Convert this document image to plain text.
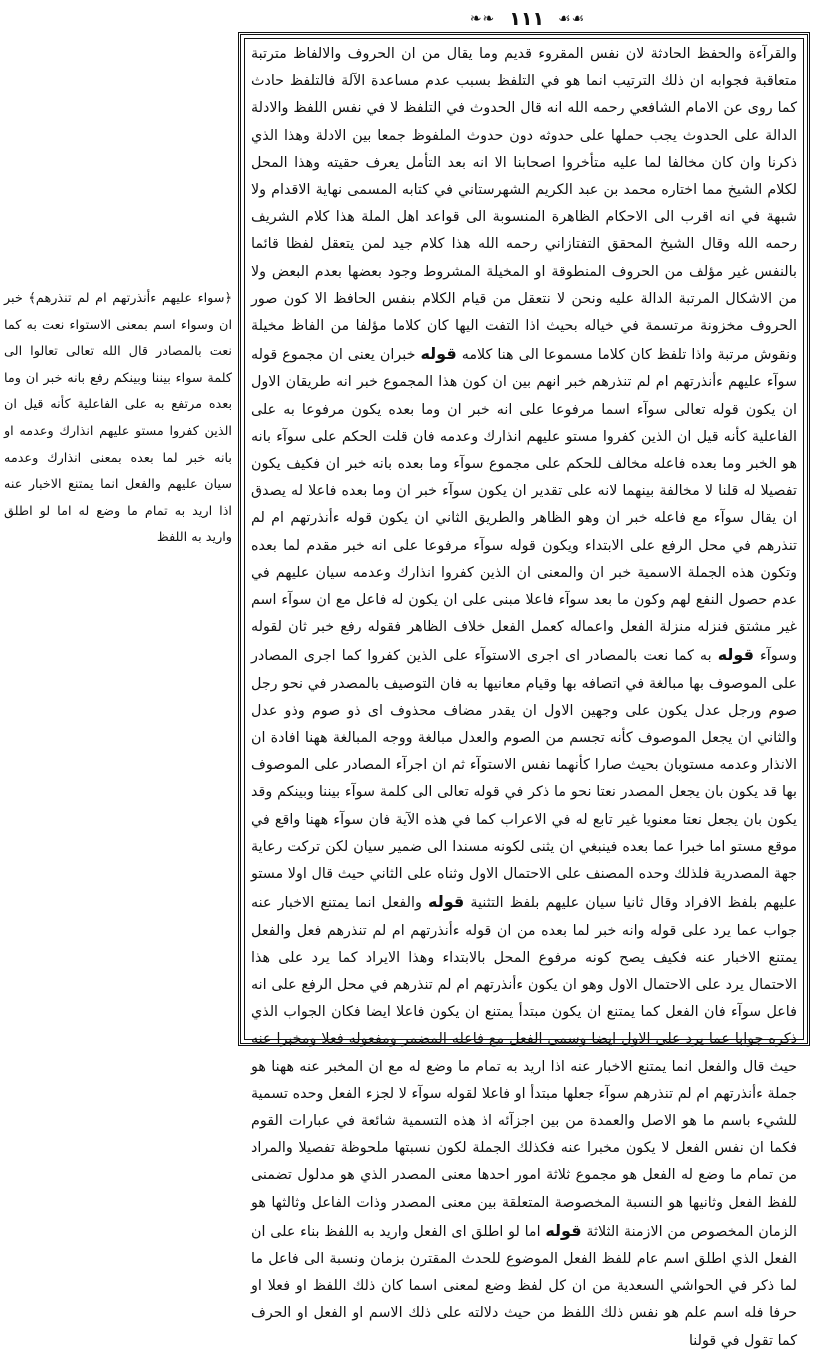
☙☙
١١١
❧❧

والقرآءة والحفظ الحادثة لان نفس المقروء قديم وما يقال من ان الحروف والالفاظ مترتبة متعاقبة فجوابه ان ذلك الترتيب انما هو في التلفظ بسبب عدم مساعدة الآلة فالتلفظ حادث كما روى عن الامام الشافعي رحمه الله انه قال الحدوث في التلفظ لا في نفس اللفظ والادلة الدالة على الحدوث يجب حملها على حدوثه دون حدوث الملفوظ جمعا بين الادلة وهذا الذي ذكرنا وان كان مخالفا لما عليه متأخروا اصحابنا الا انه بعد التأمل يعرف حقيته وهذا المحل لكلام الشيخ مما اختاره محمد بن عبد الكريم الشهرستاني في كتابه المسمى نهاية الاقدام ولا شبهة في انه اقرب الى الاحكام الظاهرة المنسوبة الى قواعد اهل الملة هذا كلام الشريف رحمه الله وقال الشيخ المحقق التفتازاني رحمه الله هذا كلام جيد لمن يتعقل لفظا قائما بالنفس غير مؤلف من الحروف المنطوقة او المخيلة المشروط وجود بعضها بعدم البعض ولا من الاشكال المرتبة الدالة عليه ونحن لا نتعقل من قيام الكلام بنفس الحافظ الا كون صور الحروف مخزونة مرتسمة في خياله بحيث اذا التفت اليها كان كلاما مؤلفا من الفاظ مخيلة ونقوش مرتبة واذا تلفظ كان كلاما مسموعا الى هنا كلامه قوله خبران يعنى ان مجموع قوله سوآء عليهم ءأنذرتهم ام لم تنذرهم خبر انهم بين ان كون هذا المجموع خبر انه طريقان الاول ان يكون قوله تعالى سوآء اسما مرفوعا على انه خبر ان وما بعده يكون مرفوعا به على الفاعلية كأنه قيل ان الذين كفروا مستو عليهم انذارك وعدمه فان قلت الحكم على سوآء بانه هو الخبر وما بعده فاعله مخالف للحكم على مجموع سوآء وما بعده بانه خبر ان فكيف يكون تفصيلا له قلنا لا مخالفة بينهما لانه على تقدير ان يكون سوآء خبر ان وما بعده فاعلا له يصدق ان يقال سوآء مع فاعله خبر ان وهو الظاهر والطريق الثاني ان يكون قوله ءأنذرتهم ام لم تنذرهم في محل الرفع على الابتداء ويكون قوله سوآء مرفوعا على انه خبر مقدم لما بعده وتكون هذه الجملة الاسمية خبر ان والمعنى ان الذين كفروا انذارك وعدمه سيان عليهم في عدم حصول النفع لهم وكون ما بعد سوآء فاعلا مبنى على ان يكون له فاعل مع ان سوآء اسم غير مشتق فنزله منزلة الفعل واعماله كعمل الفعل خلاف الظاهر فقوله رفع خبر ثان لقوله وسوآء قوله به كما نعت بالمصادر اى اجرى الاستوآء على الذين كفروا كما اجرى المصادر على الموصوف بها مبالغة في اتصافه بها وقيام معانيها به فان التوصيف بالمصدر في نحو رجل صوم ورجل عدل يكون على وجهين الاول ان يقدر مضاف محذوف اى ذو صوم وذو عدل والثاني ان يجعل الموصوف كأنه تجسم من الصوم والعدل مبالغة ووجه المبالغة ههنا افادة ان الانذار وعدمه مستويان بحيث صارا كأنهما نفس الاستوآء ثم ان اجرآء المصادر على الموصوف بها قد يكون بان يجعل المصدر نعتا نحو ما ذكر في قوله تعالى الى كلمة سوآء بيننا وبينكم وقد يكون بان يجعل نعتا معنويا غير تابع له في الاعراب كما في هذه الآية فان سوآء ههنا واقع في موقع مستو اما خبرا عما بعده فينبغي ان يثنى لكونه مسندا الى ضمير سيان لكن تركت رعاية جهة المصدرية فلذلك وحده المصنف على الاحتمال الاول وثناه على الثاني حيث قال اولا مستو عليهم بلفظ الافراد وقال ثانيا سيان عليهم بلفظ التثنية قوله والفعل انما يمتنع الاخبار عنه جواب عما يرد على قوله وانه خبر لما بعده من ان قوله ءأنذرتهم ام لم تنذرهم فعل والفعل يمتنع الاخبار عنه فكيف يصح كونه مرفوع المحل بالابتداء وهذا الايراد كما يرد على هذا الاحتمال يرد على الاحتمال الاول وهو ان يكون ءأنذرتهم ام لم تنذرهم في محل الرفع على انه فاعل سوآء فان الفعل كما يمتنع ان يكون مبتدأ يمتنع ان يكون فاعلا ايضا فكان الجواب الذي ذكره جوابا عما يرد على الاول ايضا وسمى الفعل مع فاعله المضمر ومفعوله فعلا ومخبرا عنه حيث قال والفعل انما يمتنع الاخبار عنه اذا اريد به تمام ما وضع له مع ان المخبر عنه ههنا هو جملة ءأنذرتهم ام لم تنذرهم سوآء جعلها مبتدأ او فاعلا لقوله سوآء لا لجزء الفعل وحده تسمية للشيء باسم ما هو الاصل والعمدة من بين اجزآئه اذ هذه التسمية شائعة في عبارات القوم فكما ان نفس الفعل لا يكون مخبرا عنه فكذلك الجملة لكون نسبتها ملحوظة تفصيلا والمراد من تمام ما وضع له الفعل هو مجموع ثلاثة امور احدها معنى المصدر الذي هو مدلول تضمنى للفظ الفعل وثانيها هو النسبة المخصوصة المتعلقة بين معنى المصدر وذات الفاعل وثالثها هو الزمان المخصوص من الازمنة الثلاثة قوله اما لو اطلق اى الفعل واريد به اللفظ بناء على ان الفعل الذي اطلق اسم عام للفظ الفعل الموضوع للحدث المقترن بزمان ونسبة الى فاعل ما لما ذكر في الحواشي السعدية من ان كل لفظ وضع لمعنى اسما كان ذلك اللفظ او فعلا او حرفا فله اسم علم هو نفس ذلك اللفظ من حيث دلالته على ذلك الاسم او الفعل او الحرف كما تقول في قولنا

﴿سواء عليهم ءأنذرتهم ام لم تنذرهم﴾ خبر ان وسواء اسم بمعنى الاستواء نعت به كما نعت بالمصادر قال الله تعالى تعالوا الى كلمة سواء بيننا وبينكم رفع بانه خبر ان وما بعده مرتفع به على الفاعلية كأنه قيل ان الذين كفروا مستو عليهم انذارك وعدمه او بانه خبر لما بعده بمعنى انذارك وعدمه سيان عليهم والفعل انما يمتنع الاخبار عنه اذا اريد به تمام ما وضع له اما لو اطلق واريد به اللفظ
